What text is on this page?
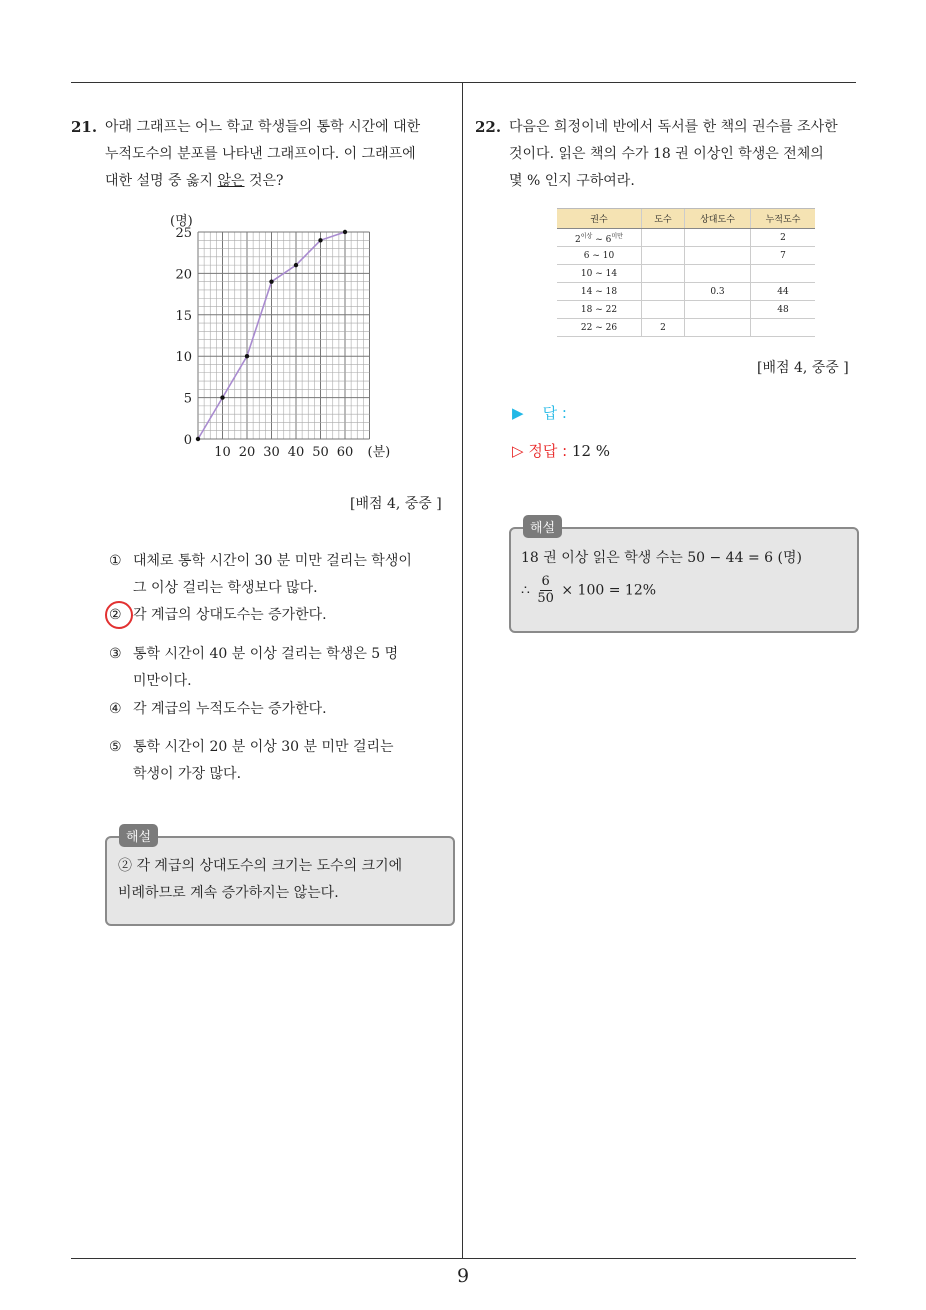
21. 아래 그래프는 어느 학교 학생들의 통학 시간에 대한
누적도수의 분포를 나타낸 그래프이다. 이 그래프에
대한 설명 중 옳지 않은 것은?
0
5
10
15
20
25
10 20 30 40 50 60
(명)
(분)
[배점 4, 중중 ]
① 대체로 통학 시간이 30 분 미만 걸리는 학생이
그 이상 걸리는 학생보다 많다.
② 각 계급의 상대도수는 증가한다.
③ 통학 시간이 40 분 이상 걸리는 학생은 5 명
미만이다.
④ 각 계급의 누적도수는 증가한다.
⑤ 통학 시간이 20 분 이상 30 분 미만 걸리는
학생이 가장 많다.
해설
② 각 계급의 상대도수의 크기는 도수의 크기에
비례하므로 계속 증가하지는 않는다.
22. 다음은 희정이네 반에서 독서를 한 책의 권수를 조사한
것이다. 읽은 책의 수가 18 권 이상인 학생은 전체의
몇 % 인지 구하여라.
권수	도수	상대도수	누적도수
$2^{이상}$ ~ $6^{미만}$			2
6 ~ 10			7
10 ~ 14			
14 ~ 18		0.3	44
18 ~ 22			48
22 ~ 26	2		
[배점 4, 중중 ]
▶ 답 :
▷ 정답 : 12 %
해설
18 권 이상 읽은 학생 수는 50 − 44 = 6 (명)
∴ $\frac{6}{50} \times 100 = 12\%$
9
